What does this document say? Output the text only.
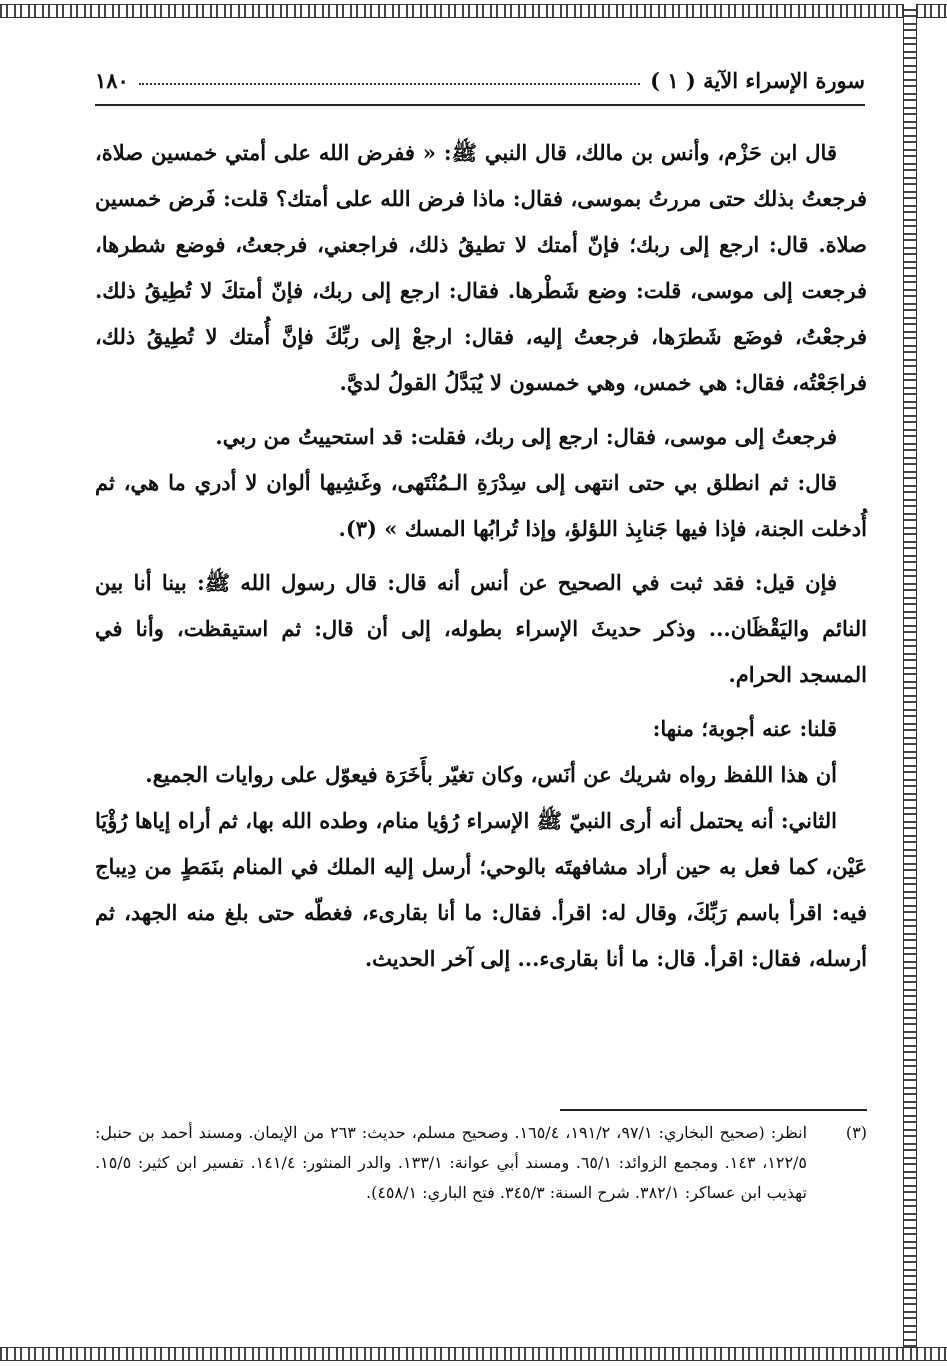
سورة الإسراء الآية ( ١ )
١٨٠

قال ابن حَزْم، وأنس بن مالك، قال النبي ﷺ: « ففرض الله على أمتي خمسين صلاة، فرجعتُ بذلك حتى مررتُ بموسى، فقال: ماذا فرض الله على أمتك؟ قلت: فَرض خمسين صلاة. قال: ارجع إلى ربك؛ فإنّ أمتك لا تطيقُ ذلك، فراجعني، فرجعتُ، فوضع شطرها، فرجعت إلى موسى، قلت: وضع شَطْرها. فقال: ارجع إلى ربك، فإنّ أمتكَ لا تُطِيقُ ذلك. فرجعْتُ، فوضَع شَطرَها، فرجعتُ إليه، فقال: ارجعْ إلى ربِّكَ فإنَّ أُمتك لا تُطِيقُ ذلك، فراجَعْتُه، فقال: هي خمس، وهي خمسون لا يُبَدَّلُ القولُ لديَّ.

فرجعتُ إلى موسى، فقال: ارجع إلى ربك، فقلت: قد استحييتُ من ربي.

قال: ثم انطلق بي حتى انتهى إلى سِدْرَةِ الـمُنْتَهى، وغَشِيها ألوان لا أدري ما هي، ثم أُدخلت الجنة، فإذا فيها جَنابِذ اللؤلؤ، وإذا تُرابُها المسك » (٣).

فإن قيل: فقد ثبت في الصحيح عن أنس أنه قال: قال رسول الله ﷺ: بينا أنا بين النائم واليَقْظَان... وذكر حديثَ الإسراء بطوله، إلى أن قال: ثم استيقظت، وأنا في المسجد الحرام.

قلنا: عنه أجوبة؛ منها:

أن هذا اللفظ رواه شريك عن أنَس، وكان تغيّر بأَخَرَة فيعوّل على روايات الجميع.

الثاني: أنه يحتمل أنه أرى النبيّ ﷺ الإسراء رُؤيا منام، وطده الله بها، ثم أراه إياها رُؤْيَا عَيْن، كما فعل به حين أراد مشافهتَه بالوحي؛ أرسل إليه الملك في المنام بنَمَطٍ من دِيباج فيه: اقرأ باسم رَبِّكَ، وقال له: اقرأ. فقال: ما أنا بقارىء، فغطّه حتى بلغ منه الجهد، ثم أرسله، فقال: اقرأ. قال: ما أنا بقارىء... إلى آخر الحديث.

(٣)
انظر: (صحيح البخاري: ٩٧/١، ١٩١/٢، ١٦٥/٤. وصحيح مسلم، حديث: ٢٦٣ من الإيمان. ومسند أحمد بن حنبل: ١٢٢/٥، ١٤٣. ومجمع الزوائد: ٦٥/١. ومسند أبي عوانة: ١٣٣/١. والدر المنثور: ١٤١/٤. تفسير ابن كثير: ١٥/٥. تهذيب ابن عساكر: ٣٨٢/١. شرح السنة: ٣٤٥/٣. فتح الباري: ٤٥٨/١).
